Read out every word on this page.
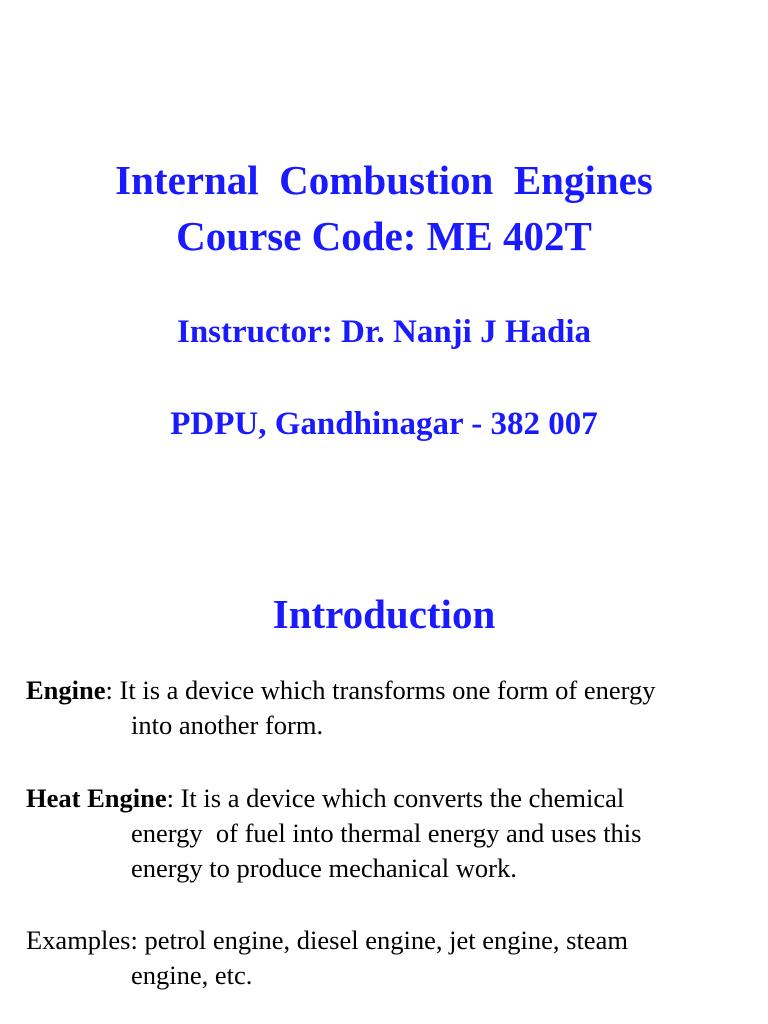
Internal  Combustion  Engines
Course Code: ME 402T
Instructor: Dr. Nanji J Hadia
PDPU, Gandhinagar - 382 007
Introduction
Engine: It is a device which transforms one form of energy
into another form.
Heat Engine: It is a device which converts the chemical
energy  of fuel into thermal energy and uses this
energy to produce mechanical work.
Examples: petrol engine, diesel engine, jet engine, steam
engine, etc.
